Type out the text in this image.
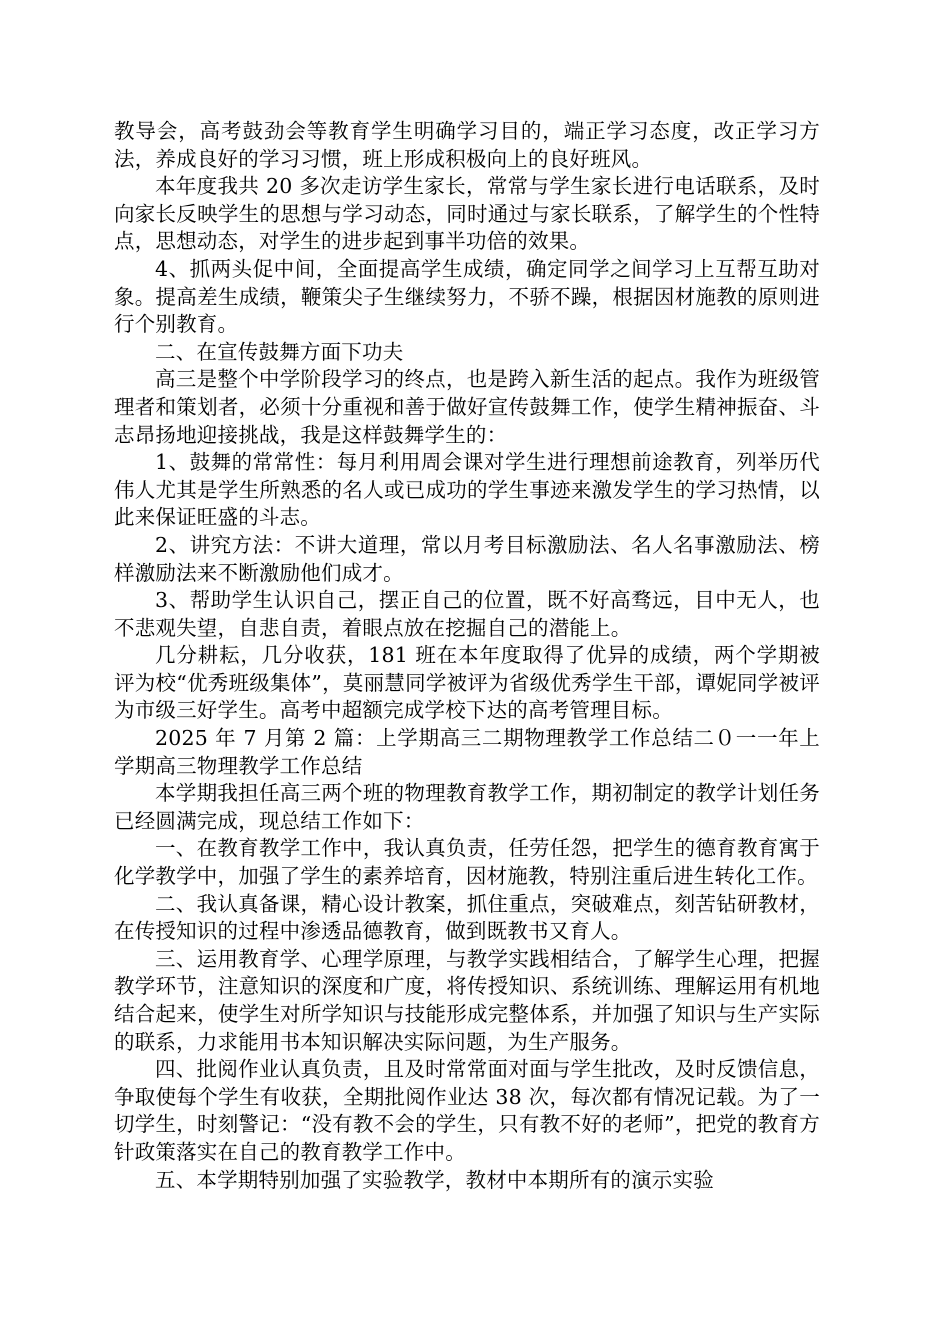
教导会，高考鼓劲会等教育学生明确学习目的，端正学习态度，改正学习方法，养成良好的学习习惯，班上形成积极向上的良好班风。

本年度我共 20 多次走访学生家长，常常与学生家长进行电话联系，及时向家长反映学生的思想与学习动态，同时通过与家长联系，了解学生的个性特点，思想动态，对学生的进步起到事半功倍的效果。

4、抓两头促中间，全面提高学生成绩，确定同学之间学习上互帮互助对象。提高差生成绩，鞭策尖子生继续努力，不骄不躁，根据因材施教的原则进行个别教育。

二、在宣传鼓舞方面下功夫

高三是整个中学阶段学习的终点，也是跨入新生活的起点。我作为班级管理者和策划者，必须十分重视和善于做好宣传鼓舞工作，使学生精神振奋、斗志昂扬地迎接挑战，我是这样鼓舞学生的：

1、鼓舞的常常性：每月利用周会课对学生进行理想前途教育，列举历代伟人尤其是学生所熟悉的名人或已成功的学生事迹来激发学生的学习热情，以此来保证旺盛的斗志。

2、讲究方法：不讲大道理，常以月考目标激励法、名人名事激励法、榜样激励法来不断激励他们成才。

3、帮助学生认识自己，摆正自己的位置，既不好高骛远，目中无人，也不悲观失望，自悲自责，着眼点放在挖掘自己的潜能上。

几分耕耘，几分收获，181 班在本年度取得了优异的成绩，两个学期被评为校“优秀班级集体”，莫丽慧同学被评为省级优秀学生干部，谭妮同学被评为市级三好学生。高考中超额完成学校下达的高考管理目标。

2025 年 7 月第 2 篇：上学期高三二期物理教学工作总结二０一一年上学期高三物理教学工作总结

本学期我担任高三两个班的物理教育教学工作，期初制定的教学计划任务已经圆满完成，现总结工作如下：

一、在教育教学工作中，我认真负责，任劳任怨，把学生的德育教育寓于化学教学中，加强了学生的素养培育，因材施教，特别注重后进生转化工作。

二、我认真备课，精心设计教案，抓住重点，突破难点，刻苦钻研教材，在传授知识的过程中渗透品德教育，做到既教书又育人。

三、运用教育学、心理学原理，与教学实践相结合，了解学生心理，把握教学环节，注意知识的深度和广度，将传授知识、系统训练、理解运用有机地结合起来，使学生对所学知识与技能形成完整体系，并加强了知识与生产实际的联系，力求能用书本知识解决实际问题，为生产服务。

四、批阅作业认真负责，且及时常常面对面与学生批改，及时反馈信息，争取使每个学生有收获，全期批阅作业达 38 次，每次都有情况记载。为了一切学生，时刻警记：“没有教不会的学生，只有教不好的老师”，把党的教育方针政策落实在自己的教育教学工作中。

五、本学期特别加强了实验教学，教材中本期所有的演示实验
